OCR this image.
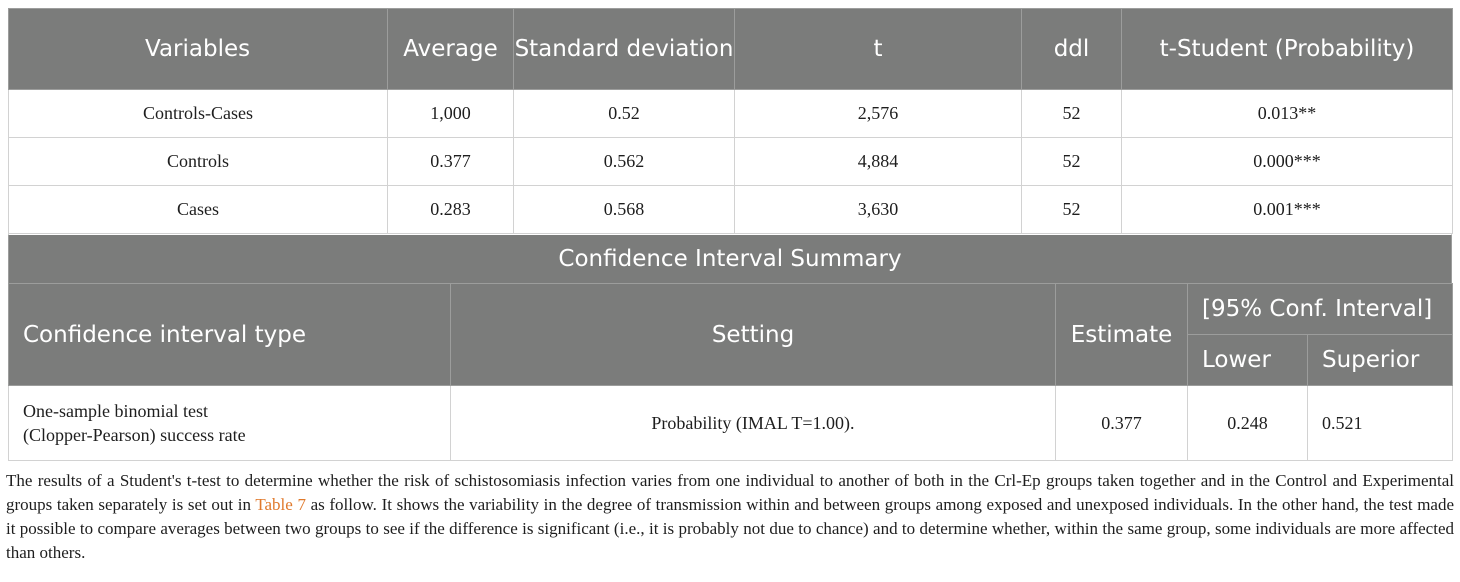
Variables	Average	Standard deviation	t	ddl	t-Student (Probability)
Controls-Cases	1,000	0.52	2,576	52	0.013**
Controls	0.377	0.562	4,884	52	0.000***
Cases	0.283	0.568	3,630	52	0.001***
Confidence Interval Summary
Confidence interval type	Setting	Estimate	[95% Conf. Interval]	
			Lower	Superior

One-sample binomial test
(Clopper-Pearson) success rate	Probability (IMAL T=1.00).	0.377	0.248	0.521

The results of a Student's t-test to determine whether the risk of schistosomiasis infection varies from one individual to another of both in the Crl-Ep groups taken together and in the Control and Experimental groups taken separately is set out in Table 7 as follow. It shows the variability in the degree of transmission within and between groups among exposed and unexposed individuals. In the other hand, the test made it possible to compare averages between two groups to see if the difference is significant (i.e., it is probably not due to chance) and to determine whether, within the same group, some individuals are more affected than others.
